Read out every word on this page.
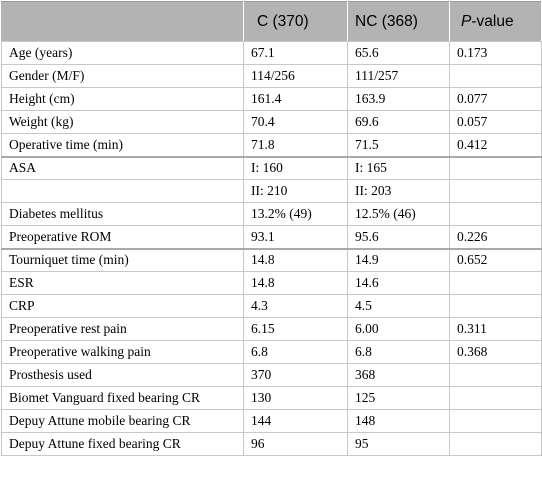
	C (370)	NC (368)	P-value
Age (years)	67.1	65.6	0.173
Gender (M/F)	114/256	111/257	
Height (cm)	161.4	163.9	0.077
Weight (kg)	70.4	69.6	0.057
Operative time (min)	71.8	71.5	0.412
ASA	I: 160	I: 165	
	II: 210	II: 203	
Diabetes mellitus	13.2% (49)	12.5% (46)	
Preoperative ROM	93.1	95.6	0.226
Tourniquet time (min)	14.8	14.9	0.652
ESR	14.8	14.6	
CRP	4.3	4.5	
Preoperative rest pain	6.15	6.00	0.311
Preoperative walking pain	6.8	6.8	0.368
Prosthesis used	370	368	
Biomet Vanguard fixed bearing CR	130	125	
Depuy Attune mobile bearing CR	144	148	
Depuy Attune fixed bearing CR	96	95	
